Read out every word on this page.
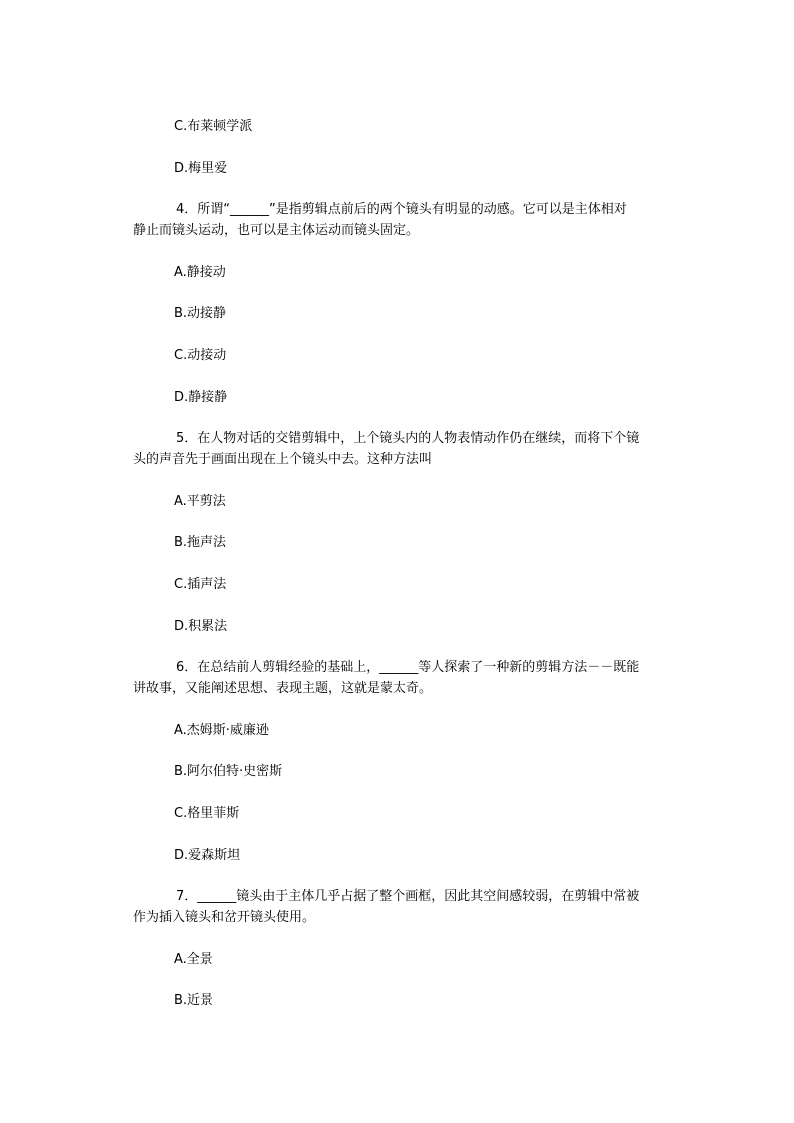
C.布莱顿学派

D.梅里爱

4．所谓“______”是指剪辑点前后的两个镜头有明显的动感。它可以是主体相对
静止而镜头运动，也可以是主体运动而镜头固定。

A.静接动

B.动接静

C.动接动

D.静接静

5．在人物对话的交错剪辑中，上个镜头内的人物表情动作仍在继续，而将下个镜
头的声音先于画面出现在上个镜头中去。这种方法叫

A.平剪法

B.拖声法

C.插声法

D.积累法

6．在总结前人剪辑经验的基础上，______等人探索了一种新的剪辑方法－－既能
讲故事，又能阐述思想、表现主题，这就是蒙太奇。

A.杰姆斯·威廉逊

B.阿尔伯特·史密斯

C.格里菲斯

D.爱森斯坦

7．______镜头由于主体几乎占据了整个画框，因此其空间感较弱，在剪辑中常被
作为插入镜头和岔开镜头使用。

A.全景

B.近景
